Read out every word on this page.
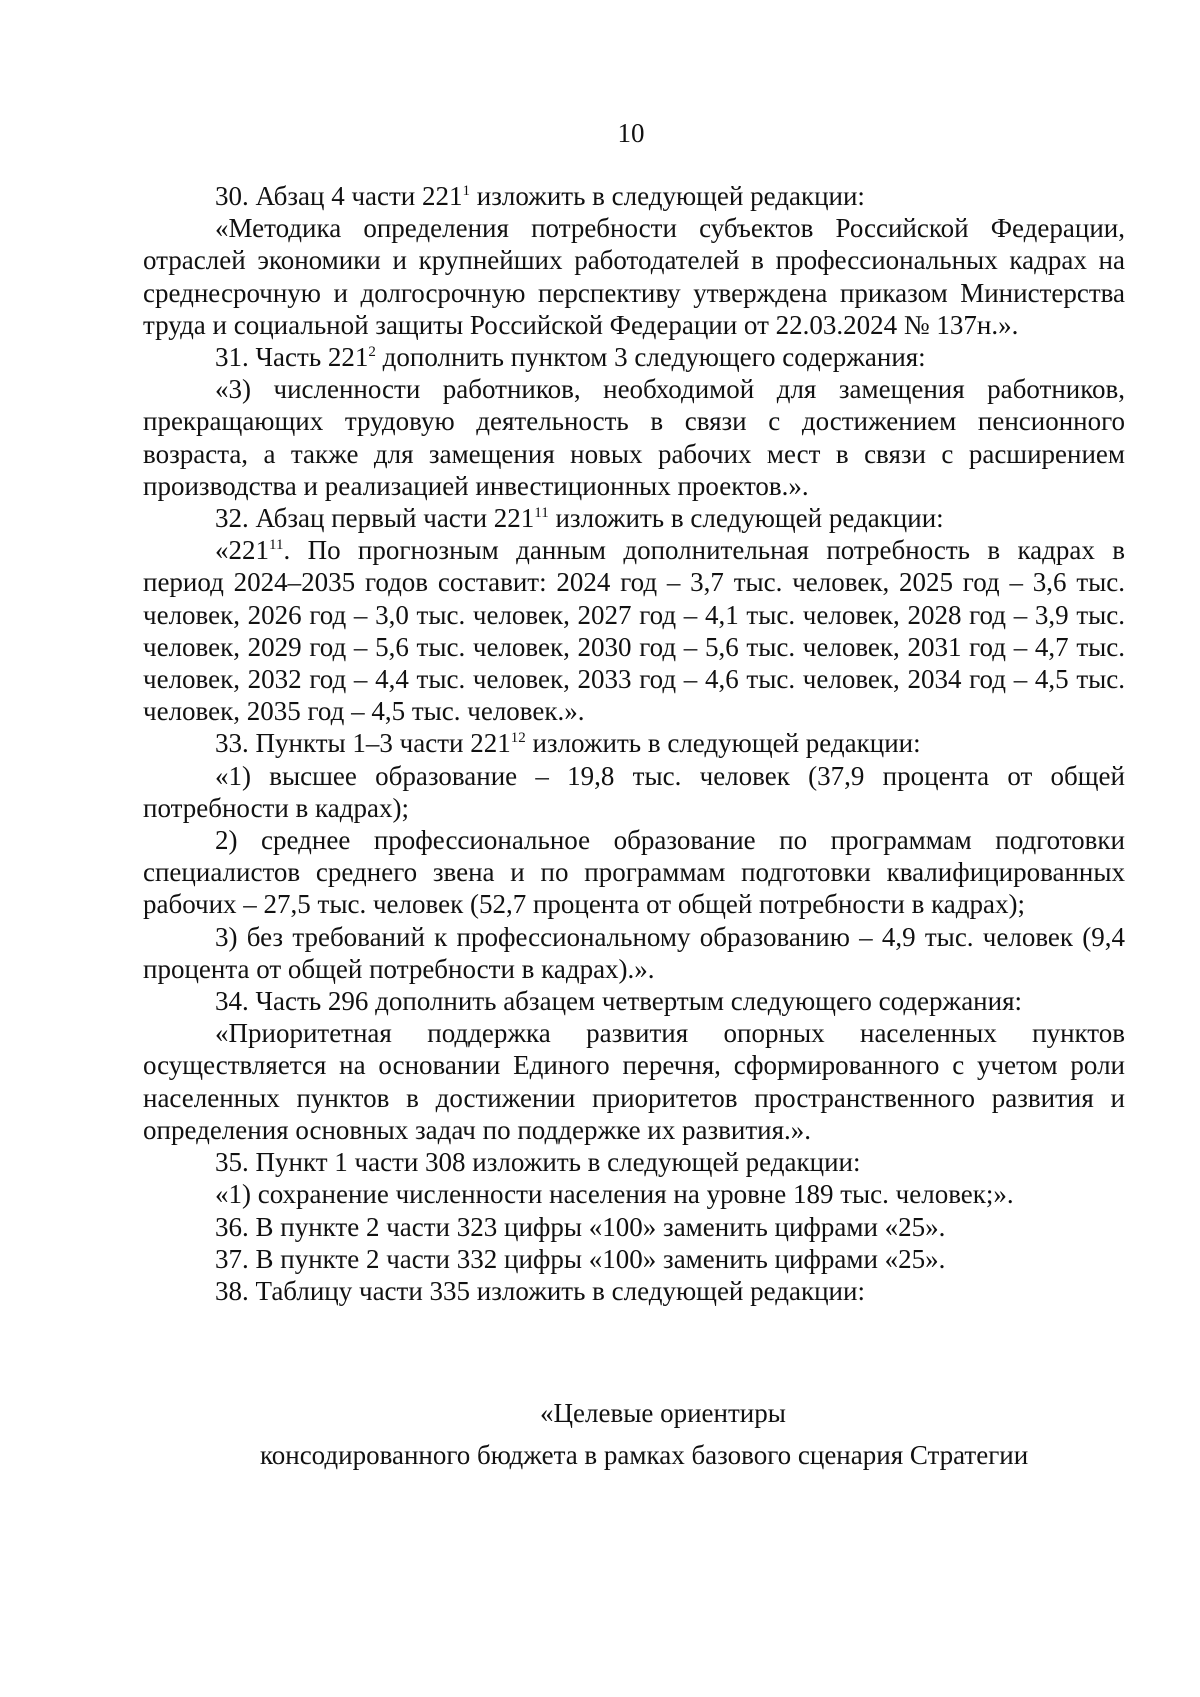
10

30. Абзац 4 части $221^1$ изложить в следующей редакции:

«Методика определения потребности субъектов Российской Федерации, отраслей экономики и крупнейших работодателей в профессиональных кадрах на среднесрочную и долгосрочную перспективу утверждена приказом Министерства труда и социальной защиты Российской Федерации от 22.03.2024 № 137н.».

31. Часть $221^2$ дополнить пунктом 3 следующего содержания:

«3) численности работников, необходимой для замещения работников, прекращающих трудовую деятельность в связи с достижением пенсионного возраста, а также для замещения новых рабочих мест в связи с расширением производства и реализацией инвестиционных проектов.».

32. Абзац первый части $221^{11}$ изложить в следующей редакции:

«$221^{11}$. По прогнозным данным дополнительная потребность в кадрах в период 2024–2035 годов составит: 2024 год – 3,7 тыс. человек, 2025 год – 3,6 тыс. человек, 2026 год – 3,0 тыс. человек, 2027 год – 4,1 тыс. человек, 2028 год – 3,9 тыс. человек, 2029 год – 5,6 тыс. человек, 2030 год – 5,6 тыс. человек, 2031 год – 4,7 тыс. человек, 2032 год – 4,4 тыс. человек, 2033 год – 4,6 тыс. человек, 2034 год – 4,5 тыс. человек, 2035 год – 4,5 тыс. человек.».

33. Пункты 1–3 части $221^{12}$ изложить в следующей редакции:

«1) высшее образование – 19,8 тыс. человек (37,9 процента от общей потребности в кадрах);

2) среднее профессиональное образование по программам подготовки специалистов среднего звена и по программам подготовки квалифицированных рабочих – 27,5 тыс. человек (52,7 процента от общей потребности в кадрах);

3) без требований к профессиональному образованию – 4,9 тыс. человек (9,4 процента от общей потребности в кадрах).».

34. Часть 296 дополнить абзацем четвертым следующего содержания:

«Приоритетная поддержка развития опорных населенных пунктов осуществляется на основании Единого перечня, сформированного с учетом роли населенных пунктов в достижении приоритетов пространственного развития и определения основных задач по поддержке их развития.».

35. Пункт 1 части 308 изложить в следующей редакции:

«1) сохранение численности населения на уровне 189 тыс. человек;».

36. В пункте 2 части 323 цифры «100» заменить цифрами «25».

37. В пункте 2 части 332 цифры «100» заменить цифрами «25».

38. Таблицу части 335 изложить в следующей редакции:

«Целевые ориентиры
консодированного бюджета в рамках базового сценария Стратегии
